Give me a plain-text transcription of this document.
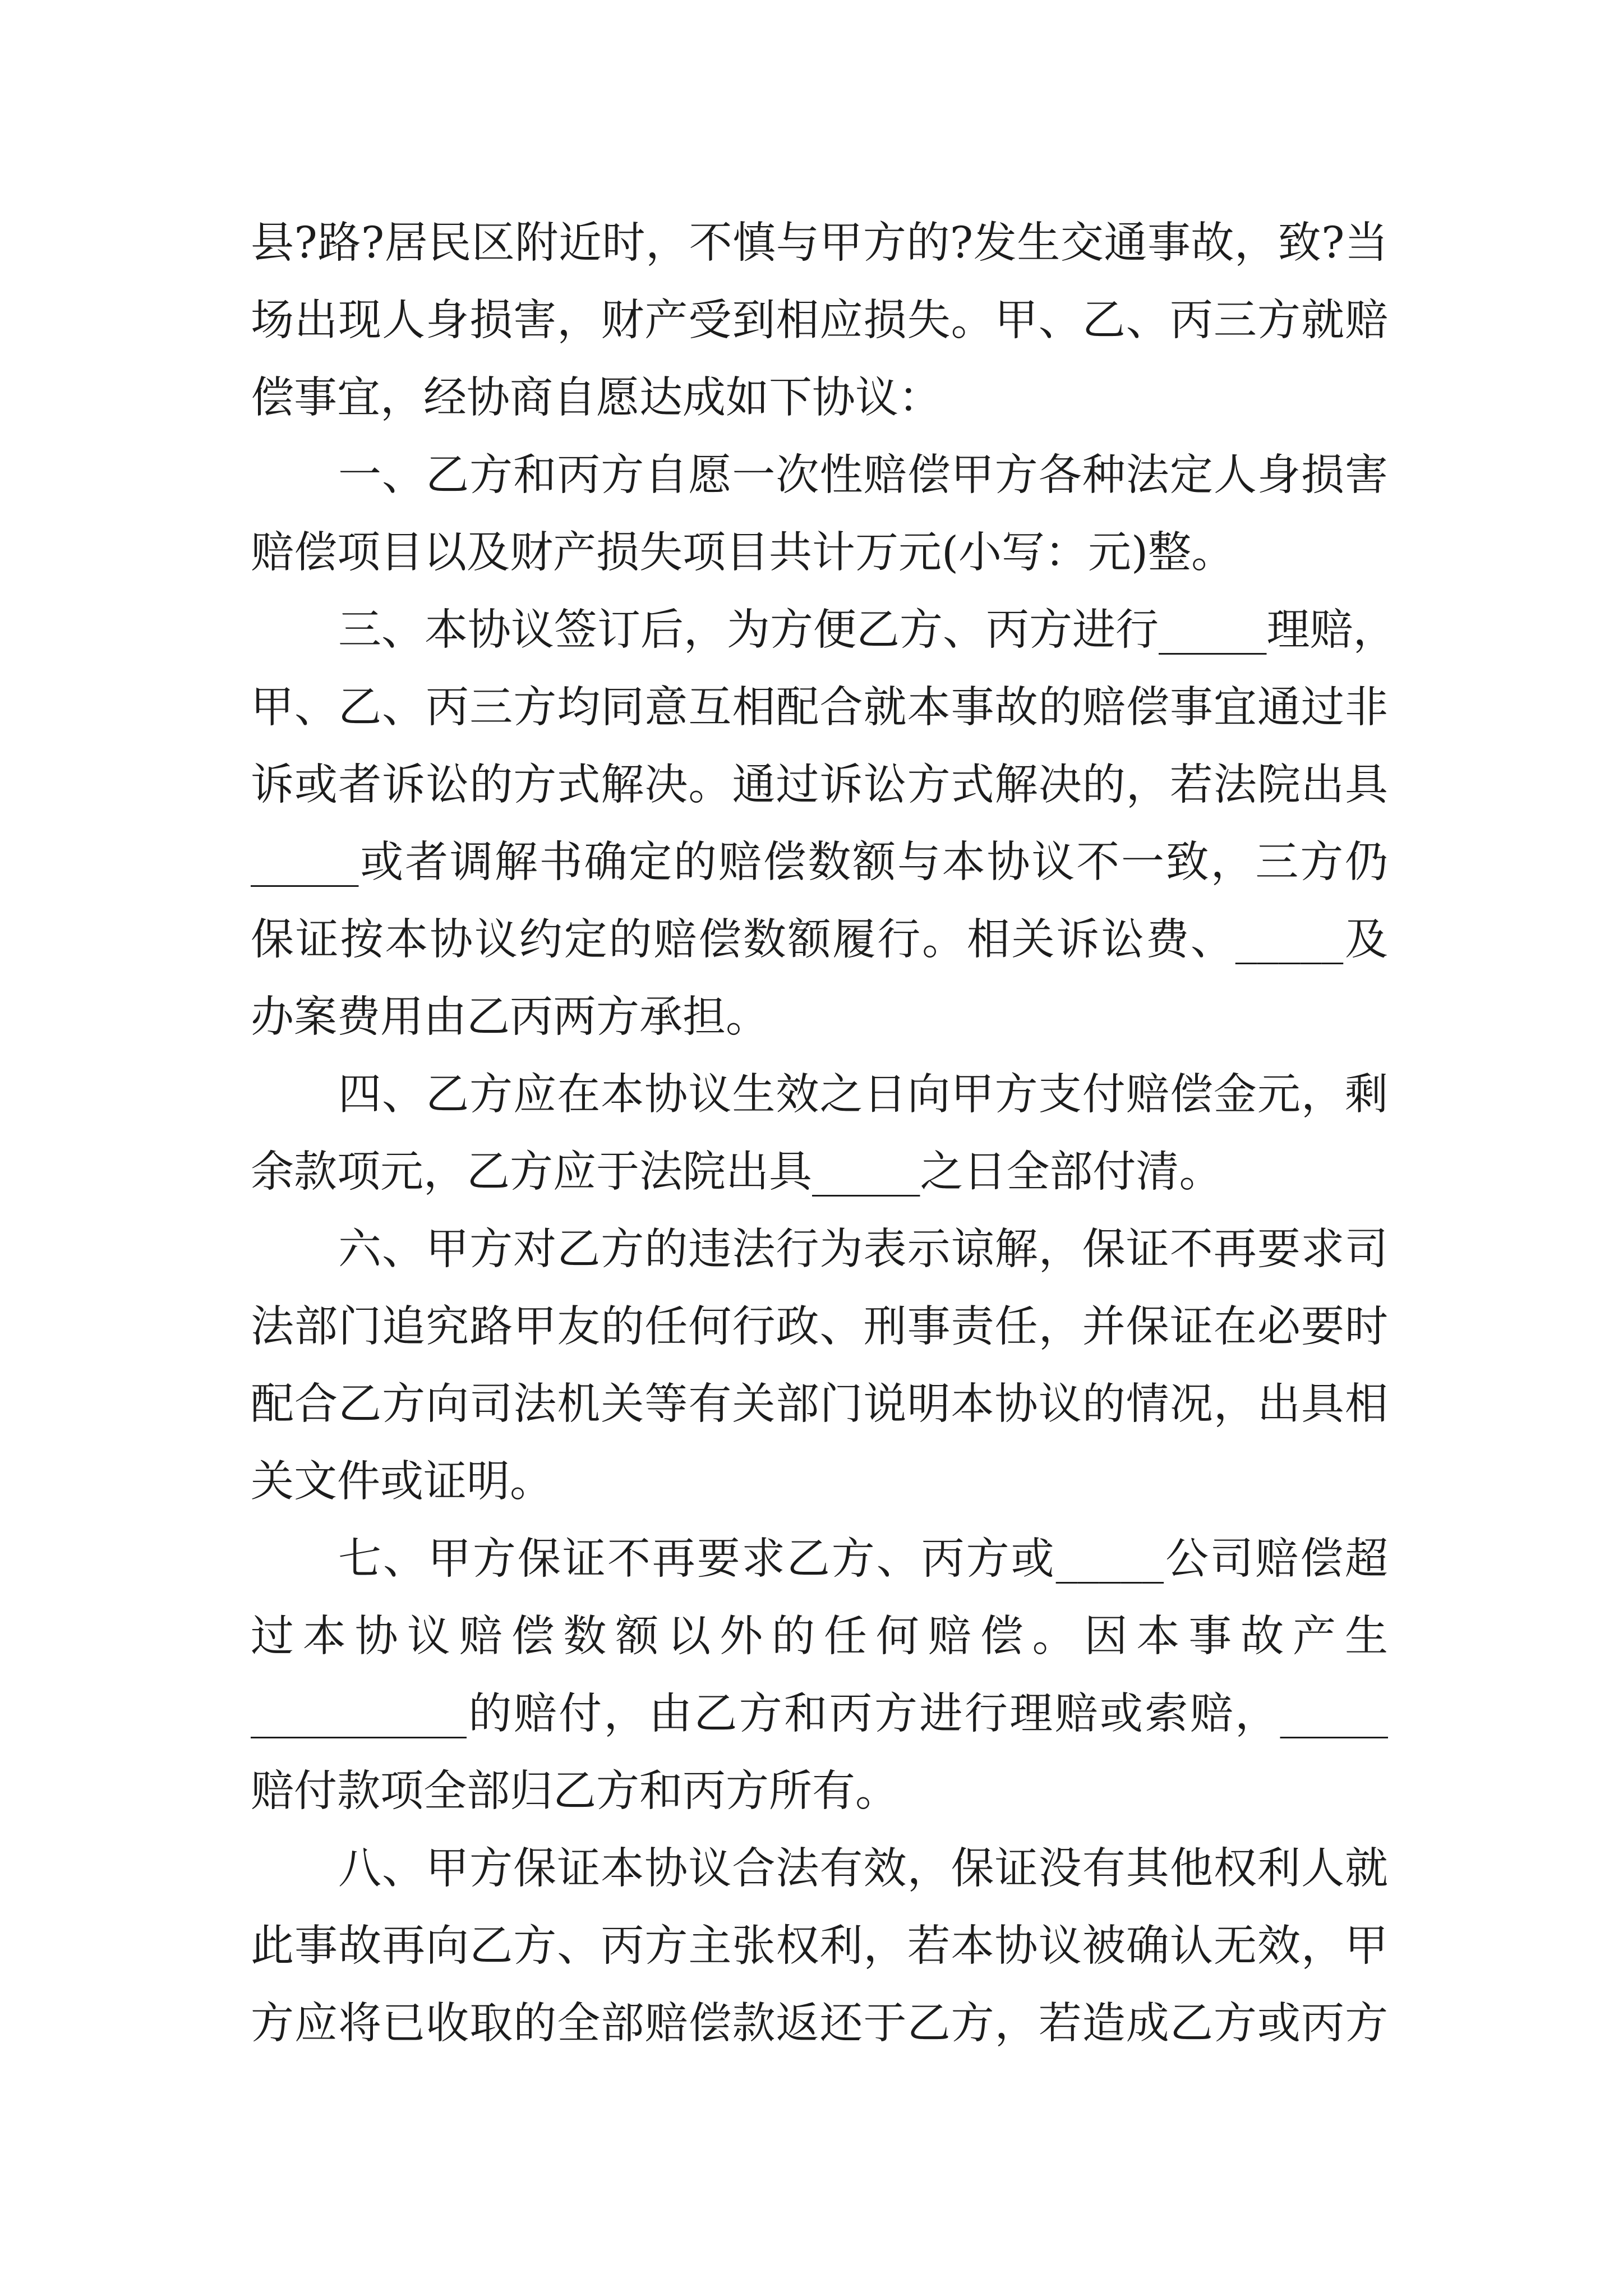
县?路?居民区附近时，不慎与甲方的?发生交通事故，致?当
场出现人身损害，财产受到相应损失。甲、乙、丙三方就赔
偿事宜，经协商自愿达成如下协议：
一、乙方和丙方自愿一次性赔偿甲方各种法定人身损害
赔偿项目以及财产损失项目共计万元(小写：元)整。
三、本协议签订后，为方便乙方、丙方进行_____理赔，
甲、乙、丙三方均同意互相配合就本事故的赔偿事宜通过非
诉或者诉讼的方式解决。通过诉讼方式解决的，若法院出具
_____或者调解书确定的赔偿数额与本协议不一致，三方仍
保证按本协议约定的赔偿数额履行。相关诉讼费、_____及
办案费用由乙丙两方承担。
四、乙方应在本协议生效之日向甲方支付赔偿金元，剩
余款项元，乙方应于法院出具_____之日全部付清。
六、甲方对乙方的违法行为表示谅解，保证不再要求司
法部门追究路甲友的任何行政、刑事责任，并保证在必要时
配合乙方向司法机关等有关部门说明本协议的情况，出具相
关文件或证明。
七、甲方保证不再要求乙方、丙方或_____公司赔偿超
过本协议赔偿数额以外的任何赔偿。因本事故产生
__________的赔付，由乙方和丙方进行理赔或索赔，_____
赔付款项全部归乙方和丙方所有。
八、甲方保证本协议合法有效，保证没有其他权利人就
此事故再向乙方、丙方主张权利，若本协议被确认无效，甲
方应将已收取的全部赔偿款返还于乙方，若造成乙方或丙方
